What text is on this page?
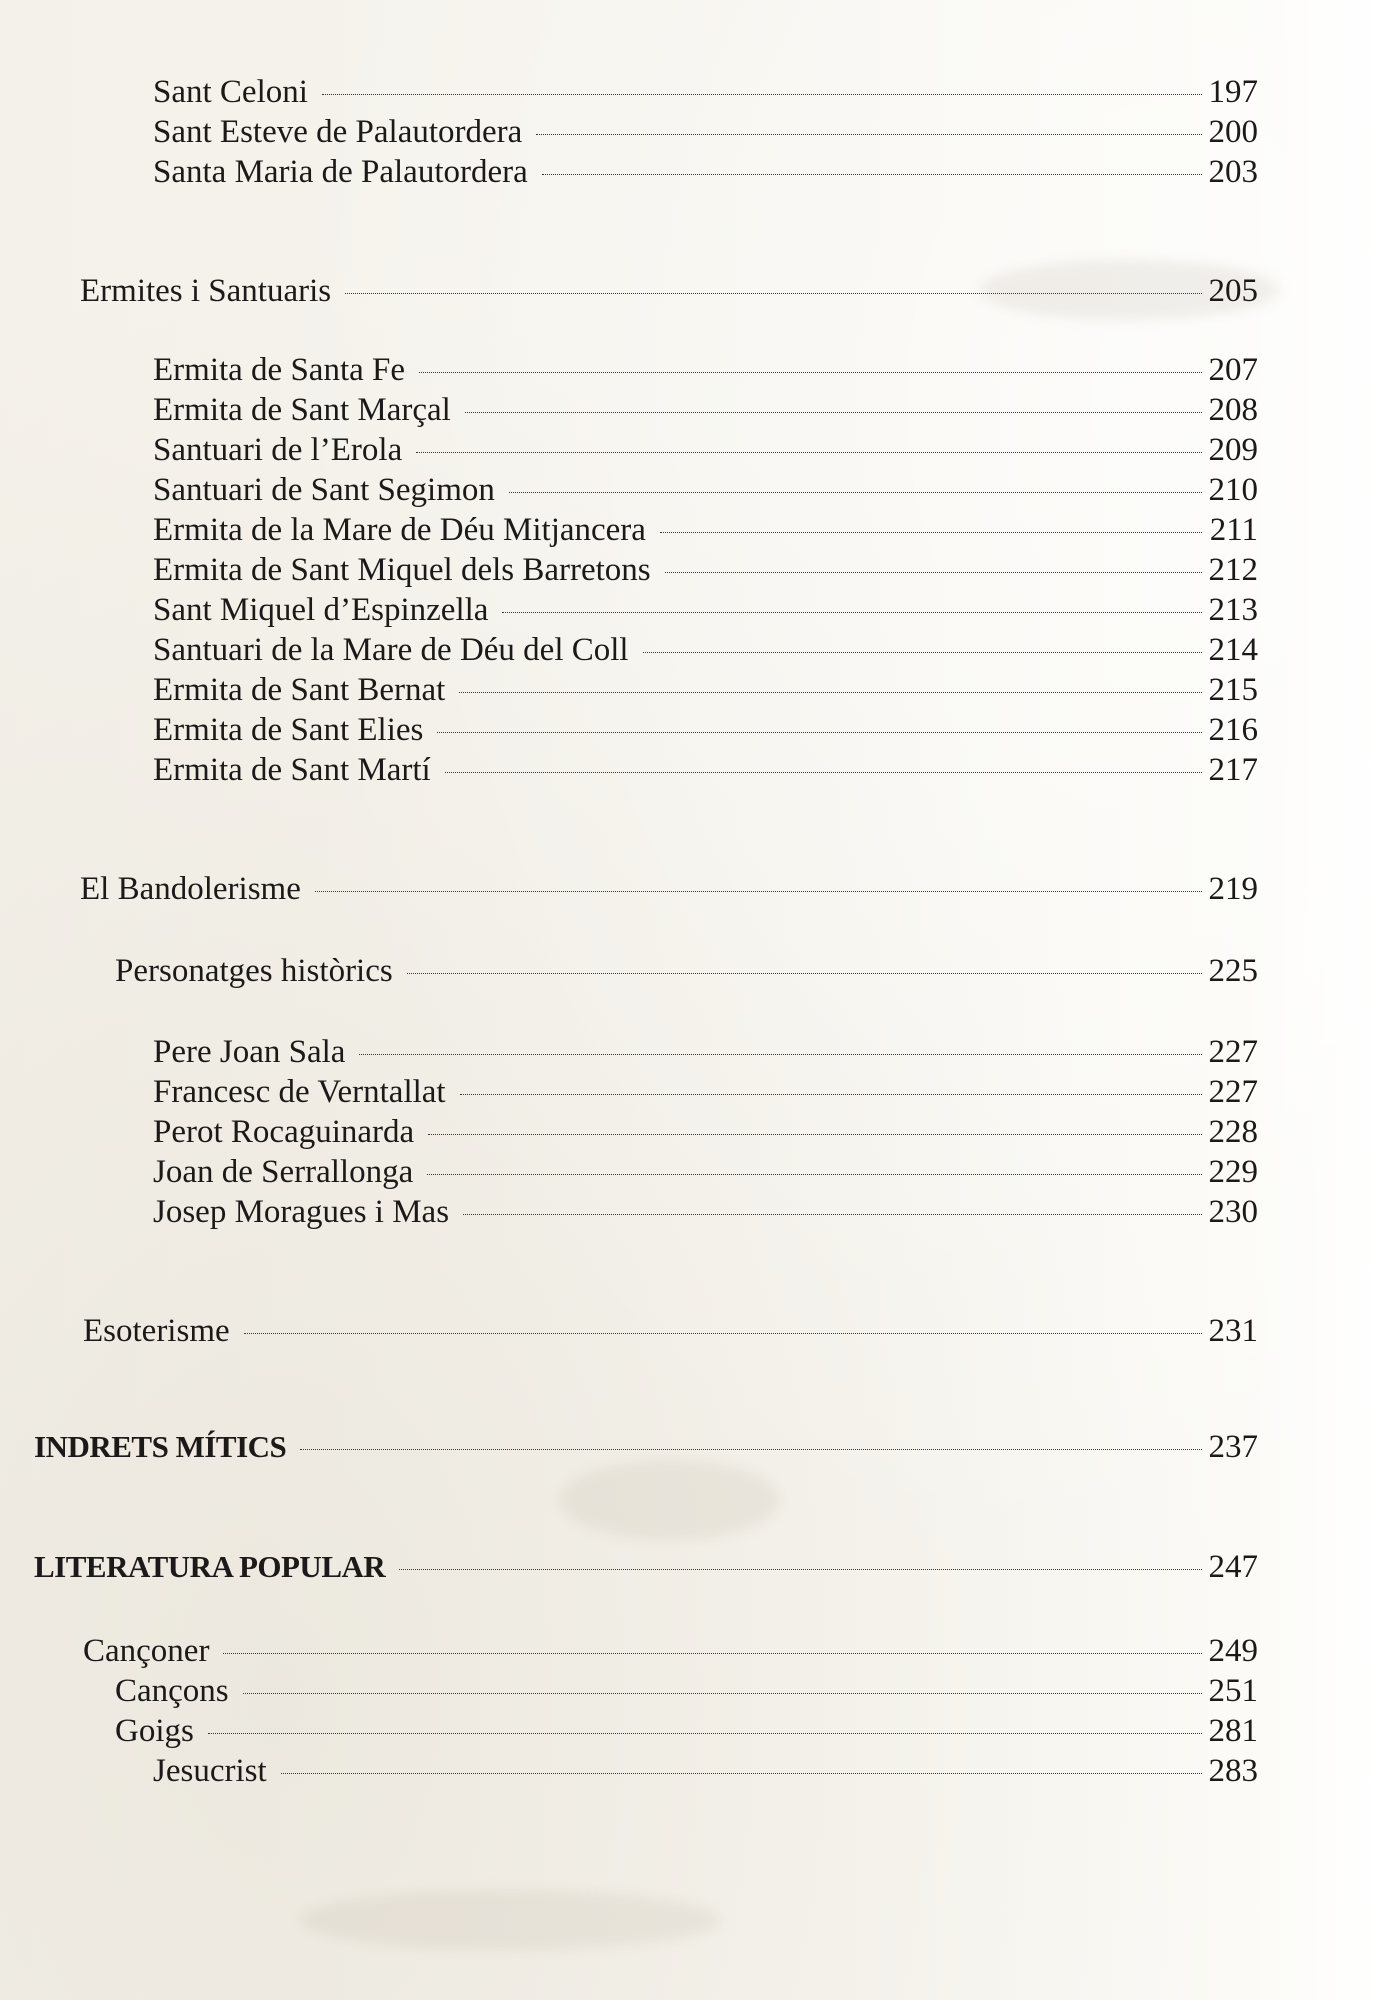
Sant Celoni	197
Sant Esteve de Palautordera	200
Santa Maria de Palautordera	203
Ermites i Santuaris	205
Ermita de Santa Fe	207
Ermita de Sant Marçal	208
Santuari de l’Erola	209
Santuari de Sant Segimon	210
Ermita de la Mare de Déu Mitjancera	211
Ermita de Sant Miquel dels Barretons	212
Sant Miquel d’Espinzella	213
Santuari de la Mare de Déu del Coll	214
Ermita de Sant Bernat	215
Ermita de Sant Elies	216
Ermita de Sant Martí	217
El Bandolerisme	219
Personatges històrics	225
Pere Joan Sala	227
Francesc de Verntallat	227
Perot Rocaguinarda	228
Joan de Serrallonga	229
Josep Moragues i Mas	230
Esoterisme	231
INDRETS MÍTICS	237
LITERATURA POPULAR	247
Cançoner	249
Cançons	251
Goigs	281
Jesucrist	283
